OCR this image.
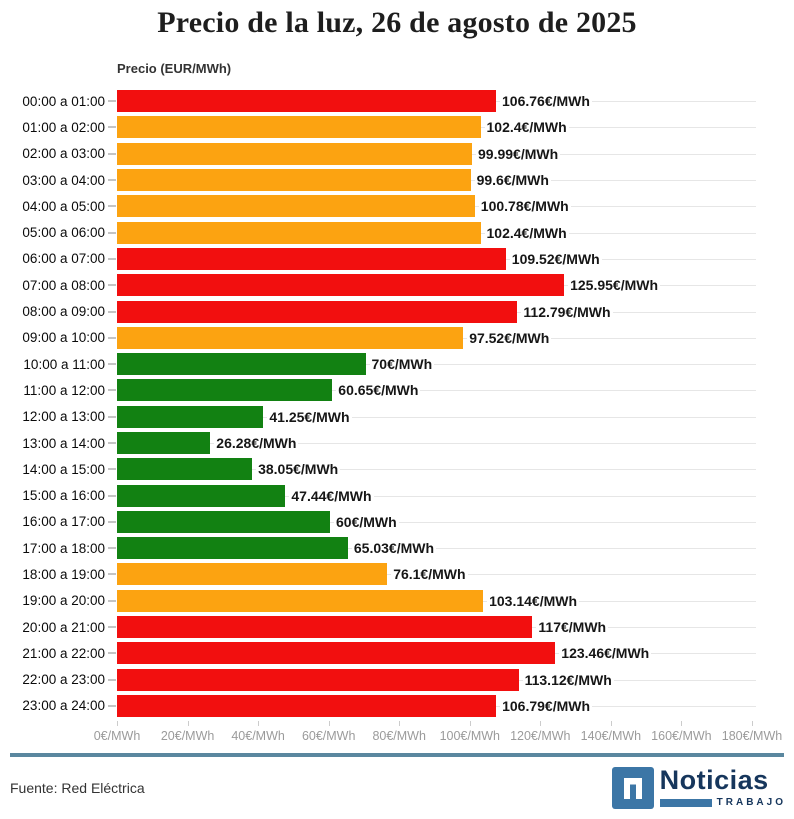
Precio de la luz, 26 de agosto de 2025
Precio (EUR/MWh)
00:00 a 01:00	106.76€/MWh
01:00 a 02:00	102.4€/MWh
02:00 a 03:00	99.99€/MWh
03:00 a 04:00	99.6€/MWh
04:00 a 05:00	100.78€/MWh
05:00 a 06:00	102.4€/MWh
06:00 a 07:00	109.52€/MWh
07:00 a 08:00	125.95€/MWh
08:00 a 09:00	112.79€/MWh
09:00 a 10:00	97.52€/MWh
10:00 a 11:00	70€/MWh
11:00 a 12:00	60.65€/MWh
12:00 a 13:00	41.25€/MWh
13:00 a 14:00	26.28€/MWh
14:00 a 15:00	38.05€/MWh
15:00 a 16:00	47.44€/MWh
16:00 a 17:00	60€/MWh
17:00 a 18:00	65.03€/MWh
18:00 a 19:00	76.1€/MWh
19:00 a 20:00	103.14€/MWh
20:00 a 21:00	117€/MWh
21:00 a 22:00	123.46€/MWh
22:00 a 23:00	113.12€/MWh
23:00 a 24:00	106.79€/MWh
0€/MWh 20€/MWh 40€/MWh 60€/MWh 80€/MWh 100€/MWh 120€/MWh 140€/MWh 160€/MWh 180€/MWh
Fuente: Red Eléctrica	Noticias
TRABAJO
